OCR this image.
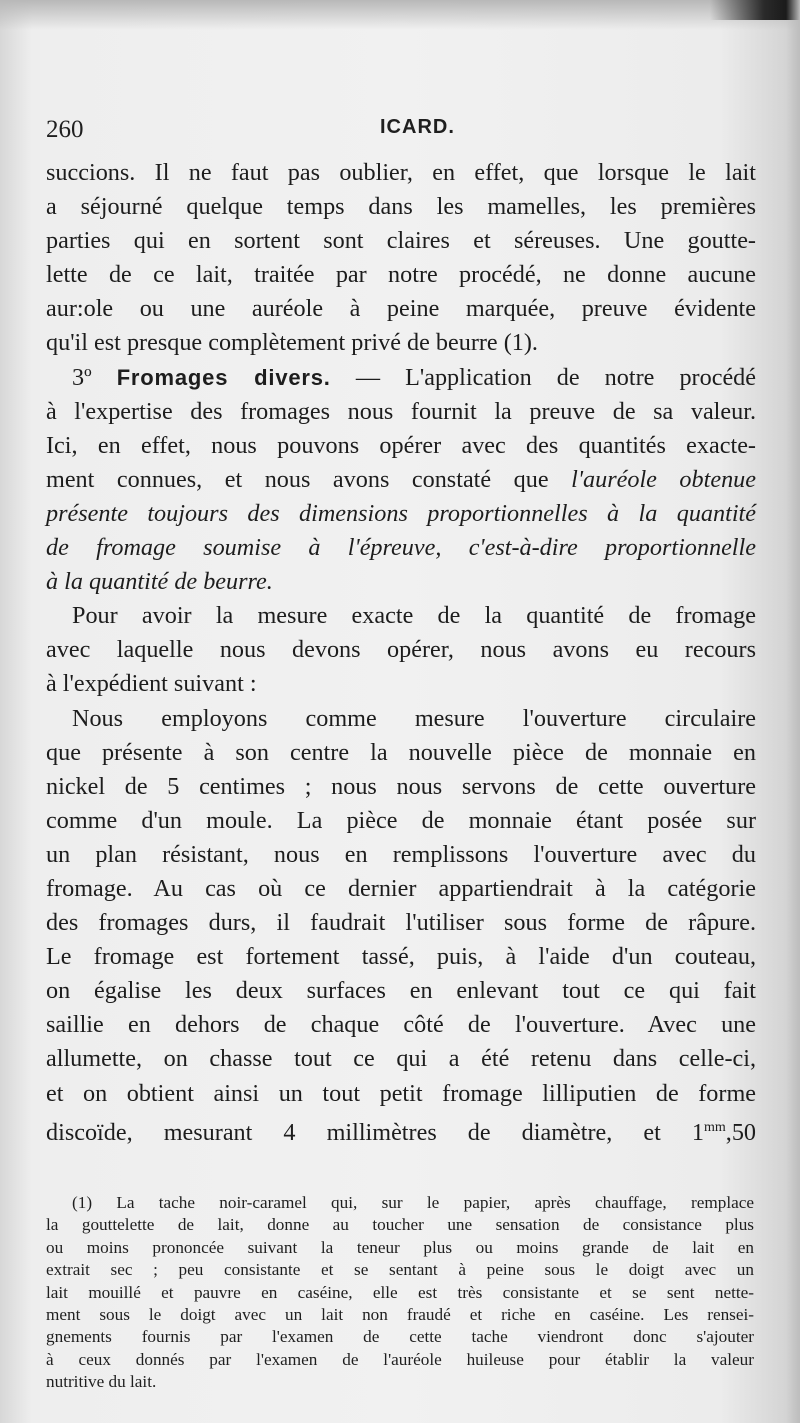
260	ICARD.
succions. Il ne faut pas oublier, en effet, que lorsque le lait
a séjourné quelque temps dans les mamelles, les premières
parties qui en sortent sont claires et séreuses. Une goutte-
lette de ce lait, traitée par notre procédé, ne donne aucune
aur:ole ou une auréole à peine marquée, preuve évidente
qu'il est presque complètement privé de beurre (1).
3º Fromages divers. — L'application de notre procédé
à l'expertise des fromages nous fournit la preuve de sa valeur.
Ici, en effet, nous pouvons opérer avec des quantités exacte-
ment connues, et nous avons constaté que l'auréole obtenue
présente toujours des dimensions proportionnelles à la quantité
de fromage soumise à l'épreuve, c'est-à-dire proportionnelle
à la quantité de beurre.
Pour avoir la mesure exacte de la quantité de fromage
avec laquelle nous devons opérer, nous avons eu recours
à l'expédient suivant :
Nous employons comme mesure l'ouverture circulaire
que présente à son centre la nouvelle pièce de monnaie en
nickel de 5 centimes ; nous nous servons de cette ouverture
comme d'un moule. La pièce de monnaie étant posée sur
un plan résistant, nous en remplissons l'ouverture avec du
fromage. Au cas où ce dernier appartiendrait à la catégorie
des fromages durs, il faudrait l'utiliser sous forme de râpure.
Le fromage est fortement tassé, puis, à l'aide d'un couteau,
on égalise les deux surfaces en enlevant tout ce qui fait
saillie en dehors de chaque côté de l'ouverture. Avec une
allumette, on chasse tout ce qui a été retenu dans celle-ci,
et on obtient ainsi un tout petit fromage lilliputien de forme
discoïde, mesurant 4 millimètres de diamètre, et $1^{mm},50$
(1) La tache noir-caramel qui, sur le papier, après chauffage, remplace
la gouttelette de lait, donne au toucher une sensation de consistance plus
ou moins prononcée suivant la teneur plus ou moins grande de lait en
extrait sec ; peu consistante et se sentant à peine sous le doigt avec un
lait mouillé et pauvre en caséine, elle est très consistante et se sent nette-
ment sous le doigt avec un lait non fraudé et riche en caséine. Les rensei-
gnements fournis par l'examen de cette tache viendront donc s'ajouter
à ceux donnés par l'examen de l'auréole huileuse pour établir la valeur
nutritive du lait.
